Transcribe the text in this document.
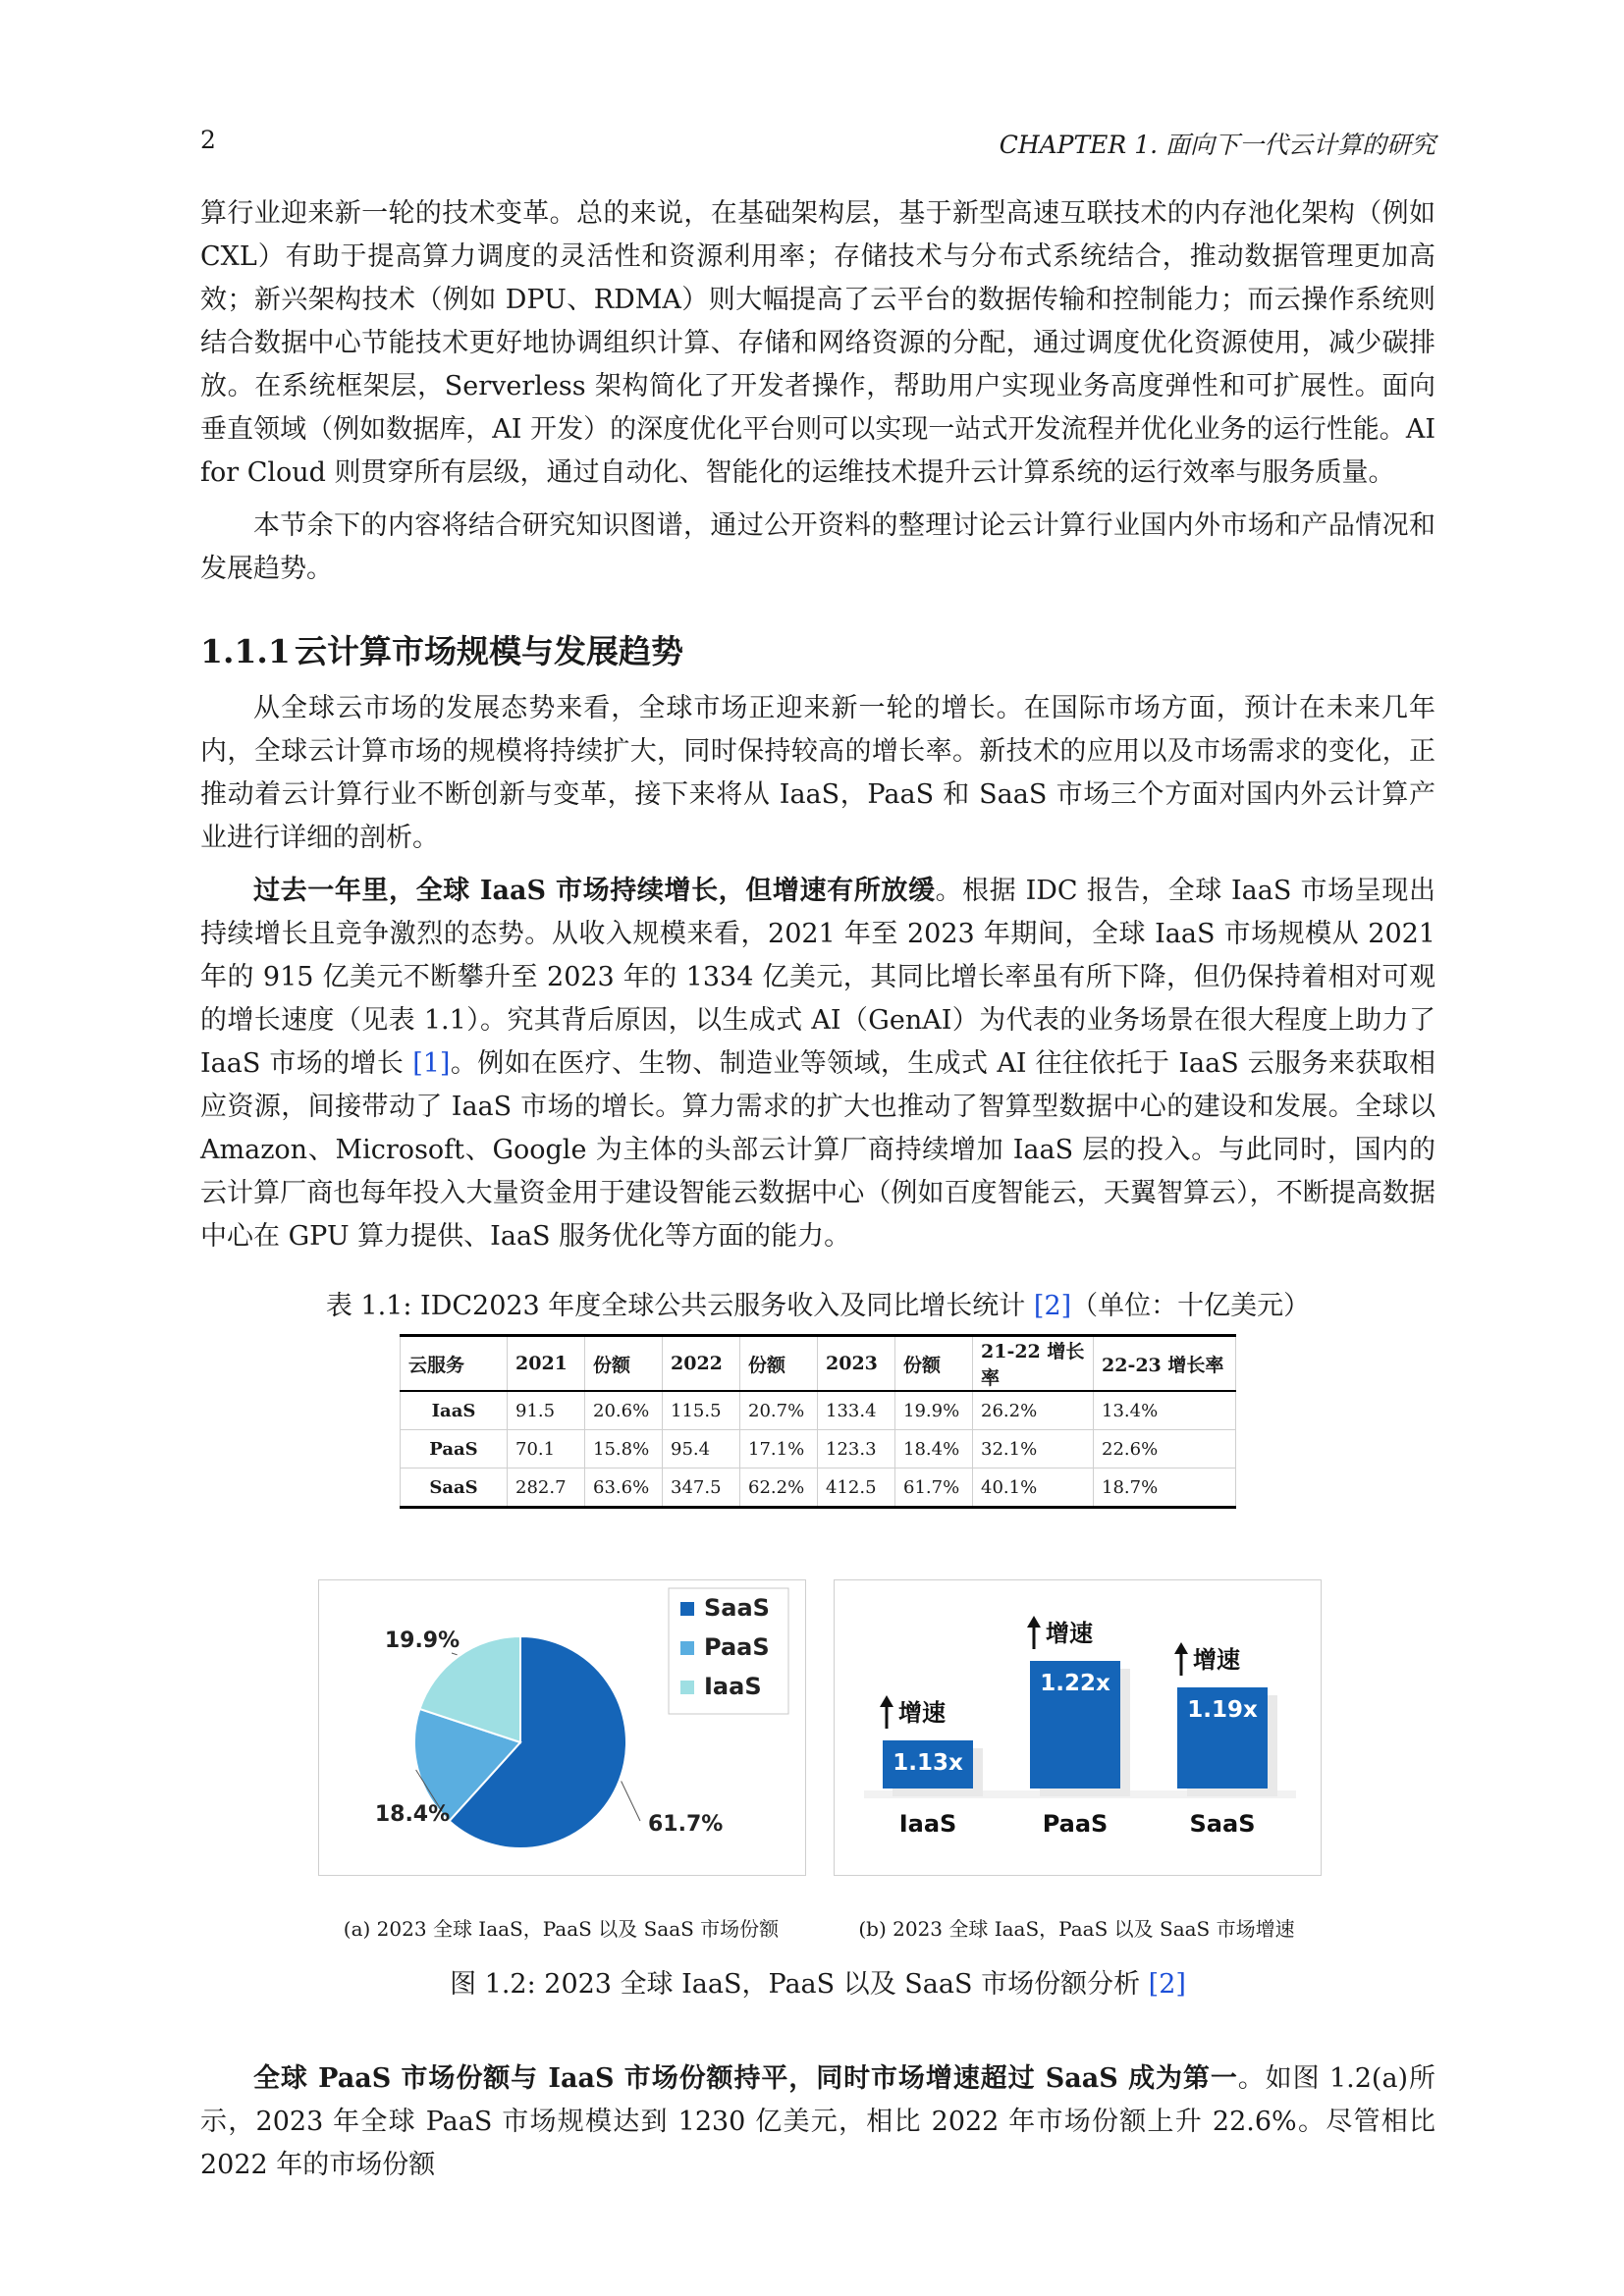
2	CHAPTER 1. 面向下一代云计算的研究

算行业迎来新一轮的技术变革。总的来说，在基础架构层，基于新型高速互联技术的内存池化架构（例如 CXL）有助于提高算力调度的灵活性和资源利用率；存储技术与分布式系统结合，推动数据管理更加高效；新兴架构技术（例如 DPU、RDMA）则大幅提高了云平台的数据传输和控制能力；而云操作系统则结合数据中心节能技术更好地协调组织计算、存储和网络资源的分配，通过调度优化资源使用，减少碳排放。在系统框架层，Serverless 架构简化了开发者操作，帮助用户实现业务高度弹性和可扩展性。面向垂直领域（例如数据库，AI 开发）的深度优化平台则可以实现一站式开发流程并优化业务的运行性能。AI for Cloud 则贯穿所有层级，通过自动化、智能化的运维技术提升云计算系统的运行效率与服务质量。

本节余下的内容将结合研究知识图谱，通过公开资料的整理讨论云计算行业国内外市场和产品情况和发展趋势。

1.1.1 云计算市场规模与发展趋势

从全球云市场的发展态势来看，全球市场正迎来新一轮的增长。在国际市场方面，预计在未来几年内，全球云计算市场的规模将持续扩大，同时保持较高的增长率。新技术的应用以及市场需求的变化，正推动着云计算行业不断创新与变革，接下来将从 IaaS，PaaS 和 SaaS 市场三个方面对国内外云计算产业进行详细的剖析。

过去一年里，全球 IaaS 市场持续增长，但增速有所放缓。根据 IDC 报告，全球 IaaS 市场呈现出持续增长且竞争激烈的态势。从收入规模来看，2021 年至 2023 年期间，全球 IaaS 市场规模从 2021 年的 915 亿美元不断攀升至 2023 年的 1334 亿美元，其同比增长率虽有所下降，但仍保持着相对可观的增长速度（见表 1.1）。究其背后原因，以生成式 AI（GenAI）为代表的业务场景在很大程度上助力了 IaaS 市场的增长 [1]。例如在医疗、生物、制造业等领域，生成式 AI 往往依托于 IaaS 云服务来获取相应资源，间接带动了 IaaS 市场的增长。算力需求的扩大也推动了智算型数据中心的建设和发展。全球以 Amazon、Microsoft、Google 为主体的头部云计算厂商持续增加 IaaS 层的投入。与此同时，国内的云计算厂商也每年投入大量资金用于建设智能云数据中心（例如百度智能云，天翼智算云），不断提高数据中心在 GPU 算力提供、IaaS 服务优化等方面的能力。

表 1.1: IDC2023 年度全球公共云服务收入及同比增长统计 [2]（单位：十亿美元）
云服务	2021	份额	2022	份额	2023	份额	21-22 增长率	22-23 增长率
IaaS	91.5	20.6%	115.5	20.7%	133.4	19.9%	26.2%	13.4%
PaaS	70.1	15.8%	95.4	17.1%	123.3	18.4%	32.1%	22.6%
SaaS	282.7	63.6%	347.5	62.2%	412.5	61.7%	40.1%	18.7%
61.7%
18.4%
19.9%
SaaS
PaaS
IaaS
1.13x
增速
IaaS
1.22x
增速
PaaS
1.19x
增速
SaaS
(a) 2023 全球 IaaS，PaaS 以及 SaaS 市场份额	(b) 2023 全球 IaaS，PaaS 以及 SaaS 市场增速
图 1.2: 2023 全球 IaaS，PaaS 以及 SaaS 市场份额分析 [2]

全球 PaaS 市场份额与 IaaS 市场份额持平，同时市场增速超过 SaaS 成为第一。如图 1.2(a)所示，2023 年全球 PaaS 市场规模达到 1230 亿美元，相比 2022 年市场份额上升 22.6%。尽管相比 2022 年的市场份额
